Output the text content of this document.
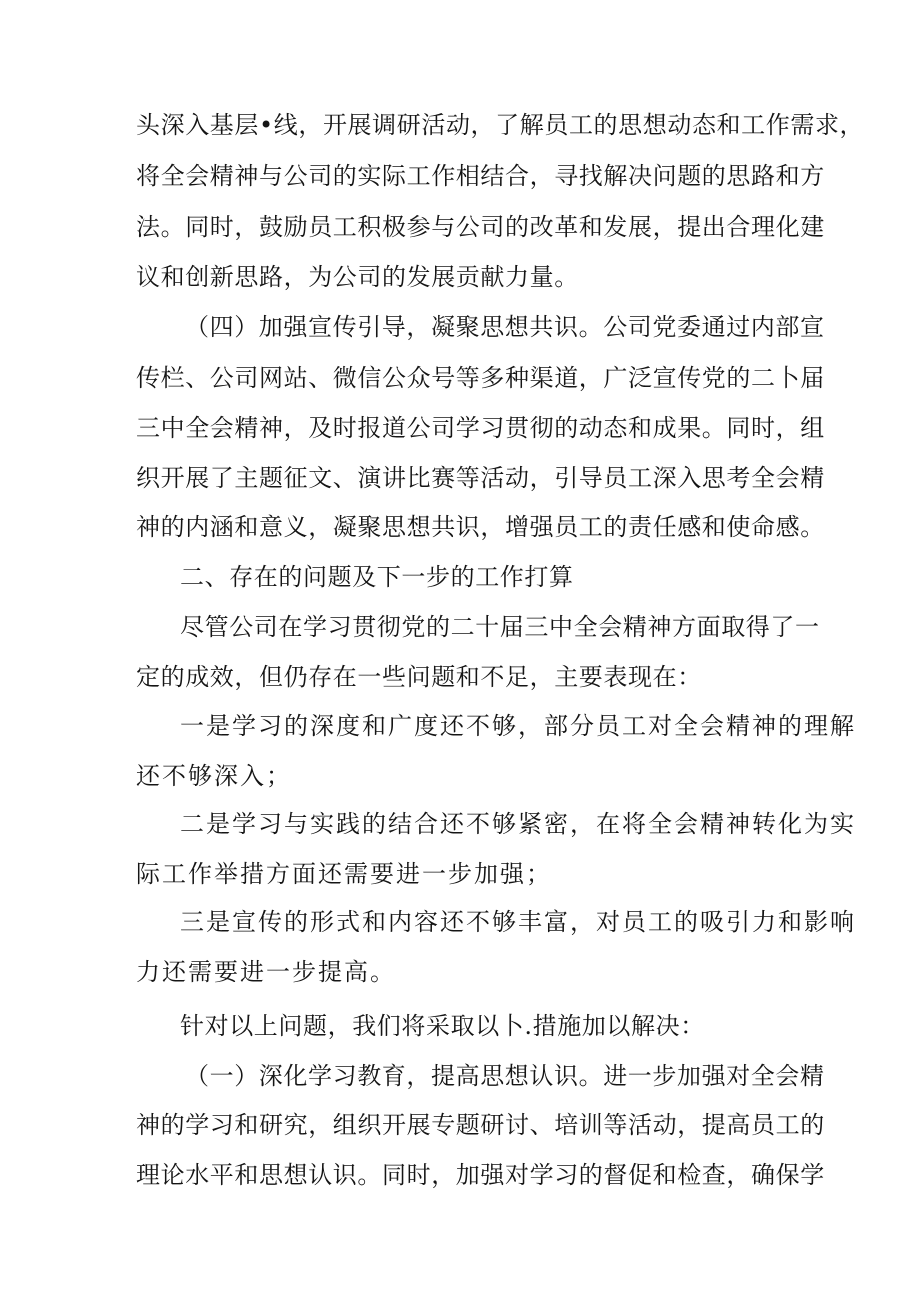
头深入基层•线，开展调研活动，了解员工的思想动态和工作需求，
将全会精神与公司的实际工作相结合，寻找解决问题的思路和方
法。同时，鼓励员工积极参与公司的改革和发展，提出合理化建
议和创新思路，为公司的发展贡献力量。
（四）加强宣传引导，凝聚思想共识。公司党委通过内部宣
传栏、公司网站、微信公众号等多种渠道，广泛宣传党的二卜届
三中全会精神，及时报道公司学习贯彻的动态和成果。同时，组
织开展了主题征文、演讲比赛等活动，引导员工深入思考全会精
神的内涵和意义，凝聚思想共识，增强员工的责任感和使命感。
二、存在的问题及下一步的工作打算
尽管公司在学习贯彻党的二十届三中全会精神方面取得了一
定的成效，但仍存在一些问题和不足，主要表现在：
一是学习的深度和广度还不够，部分员工对全会精神的理解
还不够深入；
二是学习与实践的结合还不够紧密，在将全会精神转化为实
际工作举措方面还需要进一步加强；
三是宣传的形式和内容还不够丰富，对员工的吸引力和影响
力还需要进一步提高。
针对以上问题，我们将采取以卜.措施加以解决：
（一）深化学习教育，提高思想认识。进一步加强对全会精
神的学习和研究，组织开展专题研讨、培训等活动，提高员工的
理论水平和思想认识。同时，加强对学习的督促和检查，确保学
